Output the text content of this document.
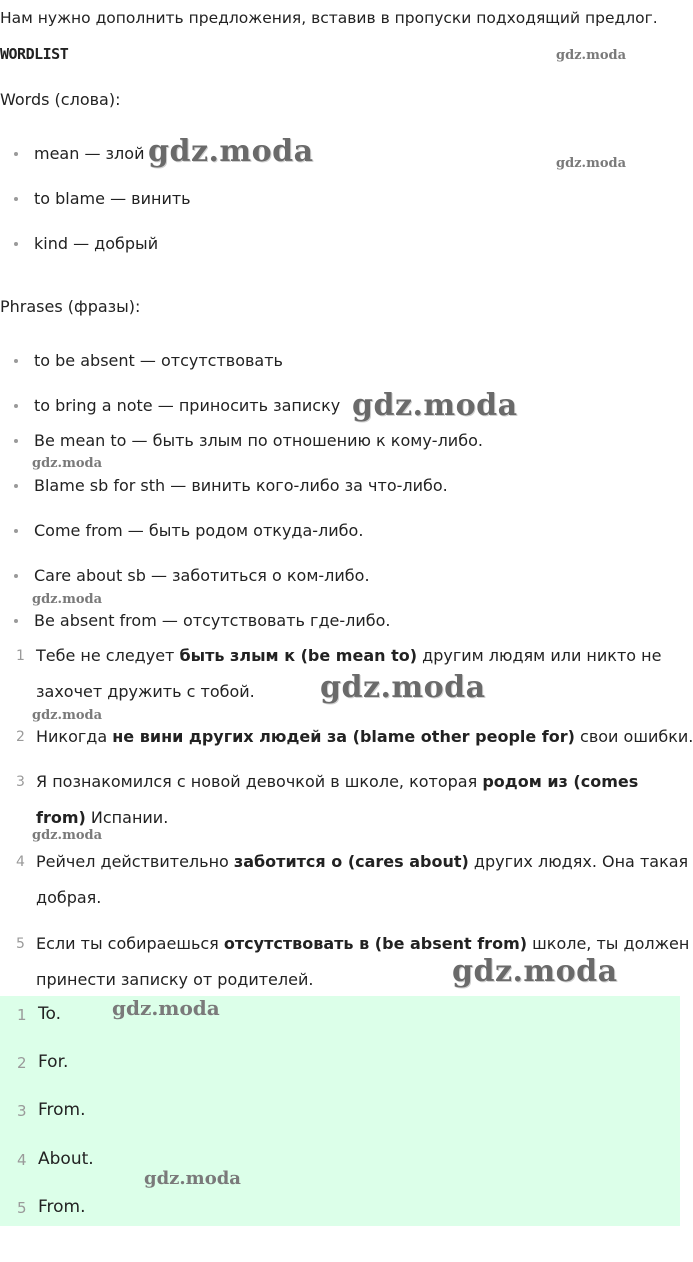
Нам нужно дополнить предложения, вставив в пропуски подходящий предлог.
WORDLIST
Words (слова):
mean — злой
to blame — винить
kind — добрый
Phrases (фразы):
to be absent — отсутствовать
to bring a note — приносить записку
Be mean to — быть злым по отношению к кому-либо.
Blame sb for sth — винить кого-либо за что-либо.
Come from — быть родом откуда-либо.
Care about sb — заботиться о ком-либо.
Be absent from — отсутствовать где-либо.
1 Тебе не следует быть злым к (be mean to) другим людям или никто не
захочет дружить с тобой.
2 Никогда не вини других людей за (blame other people for) свои ошибки.
3 Я познакомился с новой девочкой в школе, которая родом из (comes
from) Испании.
4 Рейчел действительно заботится о (cares about) других людях. Она такая
добрая.
5 Если ты собираешься отсутствовать в (be absent from) школе, ты должен
принести записку от родителей.
1 To.
2 For.
3 From.
4 About.
5 From.
gdz.moda
gdz.moda	gdz.moda
gdz.moda
gdz.moda
gdz.moda
gdz.moda
gdz.moda
gdz.moda
gdz.moda
gdz.moda
gdz.moda
